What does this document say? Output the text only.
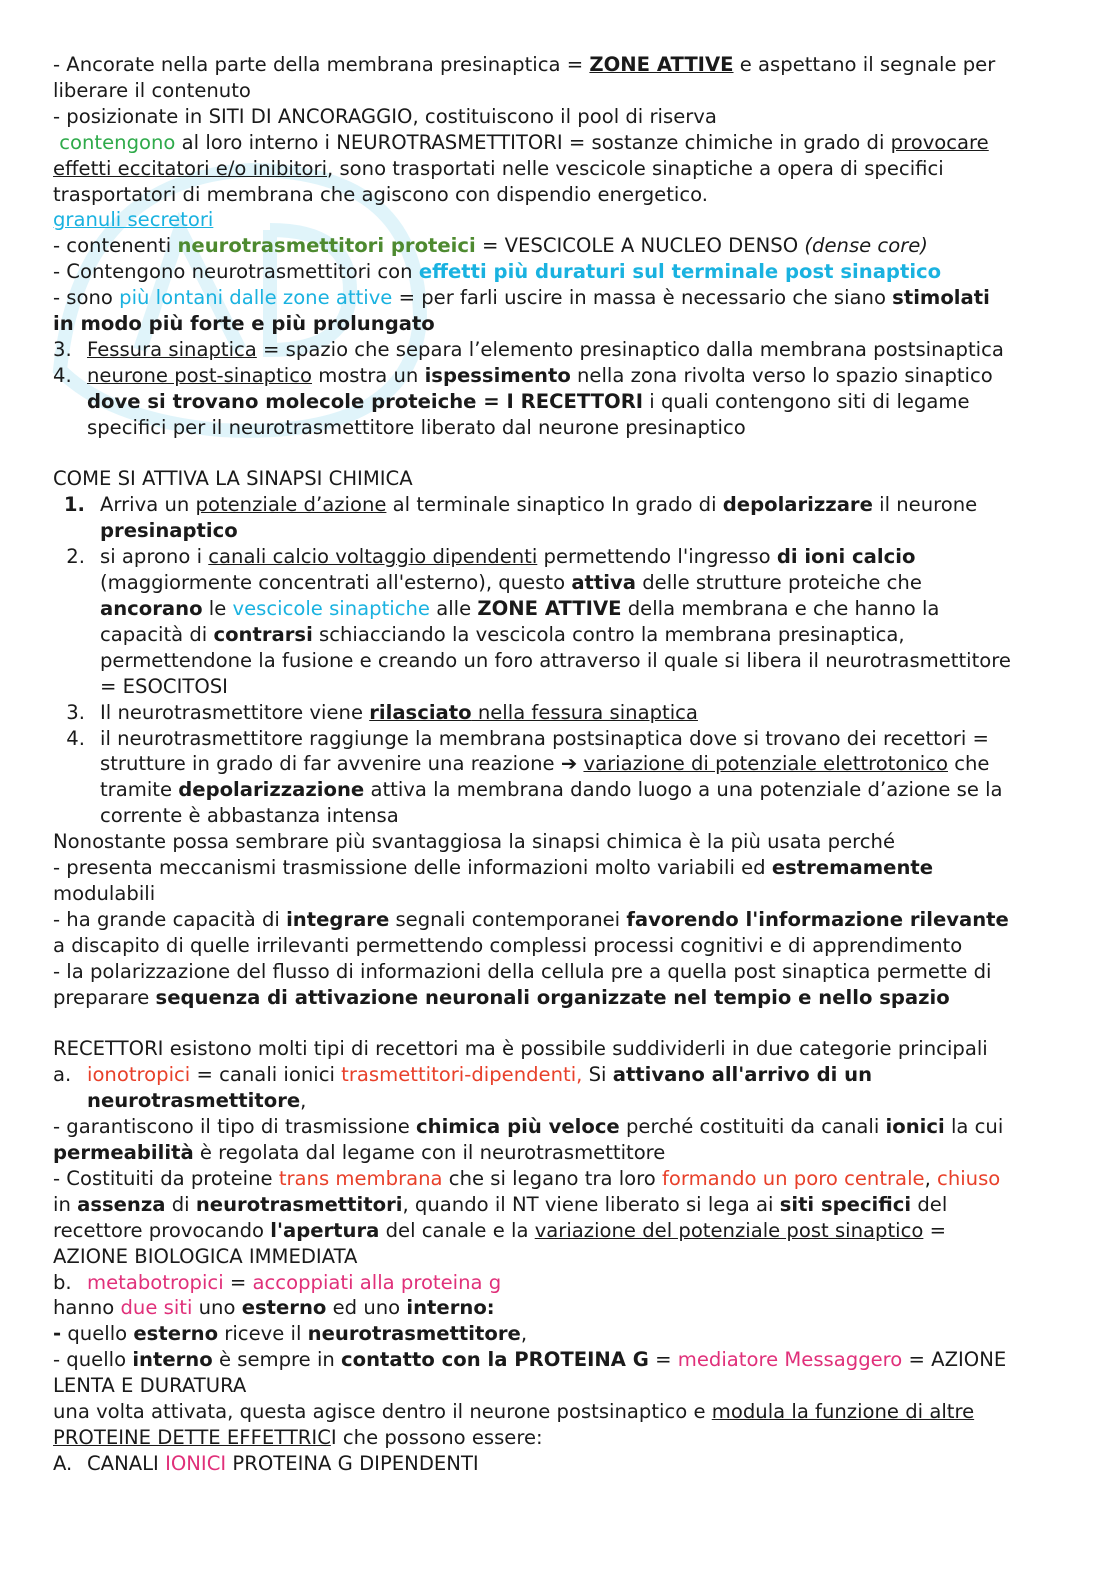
- Ancorate nella parte della membrana presinaptica = ZONE ATTIVE e aspettano il segnale per
liberare il contenuto
- posizionate in SITI DI ANCORAGGIO, costituiscono il pool di riserva
contengono al loro interno i NEUROTRASMETTITORI = sostanze chimiche in grado di provocare
effetti eccitatori e/o inibitori, sono trasportati nelle vescicole sinaptiche a opera di specifici
trasportatori di membrana che agiscono con dispendio energetico.
granuli secretori
- contenenti neurotrasmettitori proteici = VESCICOLE A NUCLEO DENSO (dense core)
- Contengono neurotrasmettitori con effetti più duraturi sul terminale post sinaptico
- sono più lontani dalle zone attive = per farli uscire in massa è necessario che siano stimolati
in modo più forte e più prolungato
3. Fessura sinaptica = spazio che separa l’elemento presinaptico dalla membrana postsinaptica
4. neurone post-sinaptico mostra un ispessimento nella zona rivolta verso lo spazio sinaptico
dove si trovano molecole proteiche = I RECETTORI i quali contengono siti di legame
specifici per il neurotrasmettitore liberato dal neurone presinaptico
COME SI ATTIVA LA SINAPSI CHIMICA
1. Arriva un potenziale d’azione al terminale sinaptico In grado di depolarizzare il neurone
presinaptico
2. si aprono i canali calcio voltaggio dipendenti permettendo l'ingresso di ioni calcio
(maggiormente concentrati all'esterno), questo attiva delle strutture proteiche che
ancorano le vescicole sinaptiche alle ZONE ATTIVE della membrana e che hanno la
capacità di contrarsi schiacciando la vescicola contro la membrana presinaptica,
permettendone la fusione e creando un foro attraverso il quale si libera il neurotrasmettitore
= ESOCITOSI
3. Il neurotrasmettitore viene rilasciato nella fessura sinaptica
4. il neurotrasmettitore raggiunge la membrana postsinaptica dove si trovano dei recettori =
strutture in grado di far avvenire una reazione ➔ variazione di potenziale elettrotonico che
tramite depolarizzazione attiva la membrana dando luogo a una potenziale d’azione se la
corrente è abbastanza intensa
Nonostante possa sembrare più svantaggiosa la sinapsi chimica è la più usata perché
- presenta meccanismi trasmissione delle informazioni molto variabili ed estremamente
modulabili
- ha grande capacità di integrare segnali contemporanei favorendo l'informazione rilevante
a discapito di quelle irrilevanti permettendo complessi processi cognitivi e di apprendimento
- la polarizzazione del flusso di informazioni della cellula pre a quella post sinaptica permette di
preparare sequenza di attivazione neuronali organizzate nel tempio e nello spazio
RECETTORI esistono molti tipi di recettori ma è possibile suddividerli in due categorie principali
a. ionotropici = canali ionici trasmettitori-dipendenti, Si attivano all'arrivo di un
neurotrasmettitore,
- garantiscono il tipo di trasmissione chimica più veloce perché costituiti da canali ionici la cui
permeabilità è regolata dal legame con il neurotrasmettitore
- Costituiti da proteine trans membrana che si legano tra loro formando un poro centrale, chiuso
in assenza di neurotrasmettitori, quando il NT viene liberato si lega ai siti specifici del
recettore provocando l'apertura del canale e la variazione del potenziale post sinaptico =
AZIONE BIOLOGICA IMMEDIATA
b. metabotropici = accoppiati alla proteina g
hanno due siti uno esterno ed uno interno:
- quello esterno riceve il neurotrasmettitore,
- quello interno è sempre in contatto con la PROTEINA G = mediatore Messaggero = AZIONE
LENTA E DURATURA
una volta attivata, questa agisce dentro il neurone postsinaptico e modula la funzione di altre
PROTEINE DETTE EFFETTRICI che possono essere:
A. CANALI IONICI PROTEINA G DIPENDENTI
